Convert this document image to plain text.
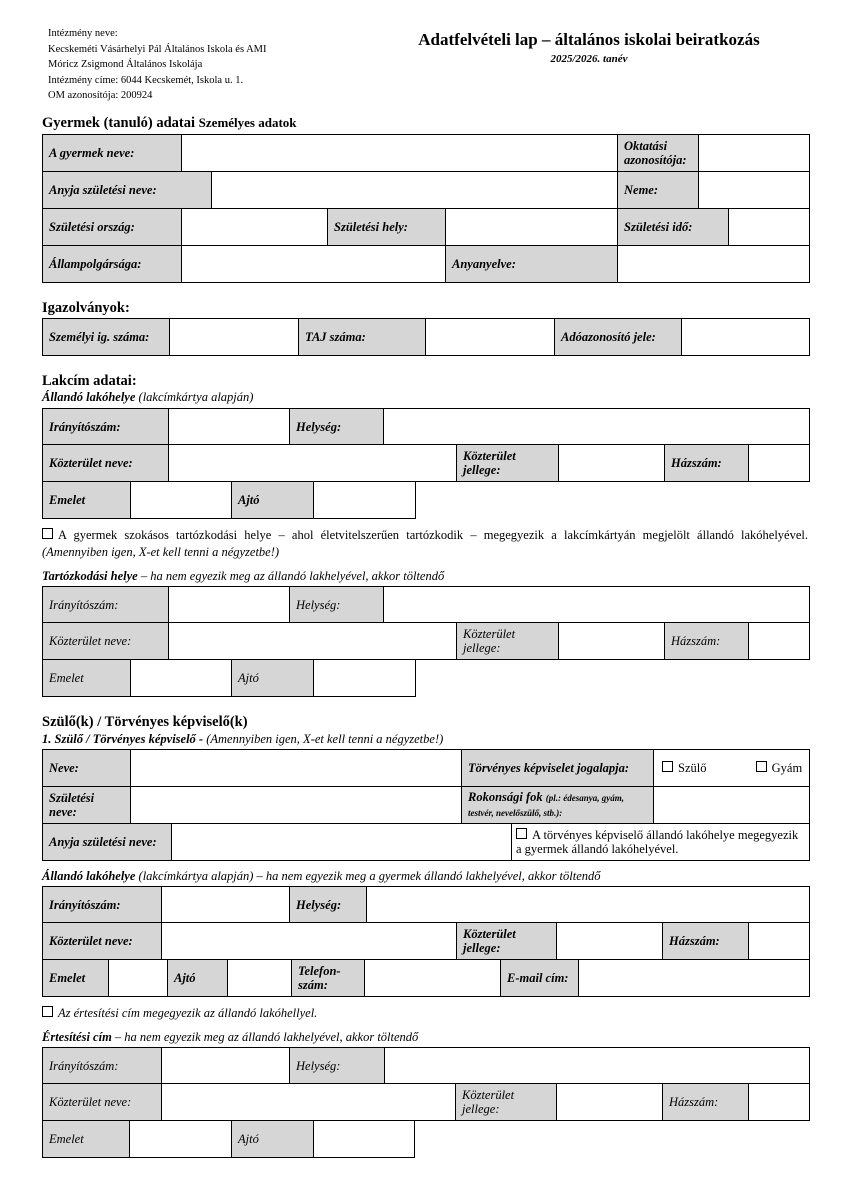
Intézmény neve:
Kecskeméti Vásárhelyi Pál Általános Iskola és AMI
Móricz Zsigmond Általános Iskolája
Intézmény címe: 6044 Kecskemét, Iskola u. 1.
OM azonosítója: 200924
Adatfelvételi lap – általános iskolai beiratkozás
2025/2026. tanév
Gyermek (tanuló) adatai Személyes adatok
A gyermek neve:					Oktatási azonosítója:		
Anyja születési neve:					Neme:		
Születési ország:			Születési hely:		Születési idő:		
Állampolgársága:				Anyanyelve:			
Igazolványok:
Személyi ig. száma:		TAJ száma:		Adóazonosító jele:	
Lakcím adatai:
Állandó lakóhelye (lakcímkártya alapján)
Irányítószám:		Helység:	
Közterület neve:		Közterület jellege:		Házszám:	
Emelet		Ajtó	
A gyermek szokásos tartózkodási helye – ahol életvitelszerűen tartózkodik – megegyezik a lakcímkártyán megjelölt állandó lakóhelyével. (Amennyiben igen, X-et kell tenni a négyzetbe!)
Tartózkodási helye – ha nem egyezik meg az állandó lakhelyével, akkor töltendő
Irányítószám:		Helység:	
Közterület neve:		Közterület jellege:		Házszám:	
Emelet		Ajtó	
Szülő(k) / Törvényes képviselő(k)
1. Szülő / Törvényes képviselő - (Amennyiben igen, X-et kell tenni a négyzetbe!)
Neve:			Törvényes képviselet jogalapja:		Szülő Gyám
Születési neve:			Rokonsági fok (pl.: édesanya, gyám, testvér, nevelőszülő, stb.):		
Anyja születési neve:				A törvényes képviselő állandó lakóhelye megegyezik a gyermek állandó lakóhelyével.	
Állandó lakóhelye (lakcímkártya alapján) – ha nem egyezik meg a gyermek állandó lakhelyével, akkor töltendő
Irányítószám:		Helység:	
Közterület neve:		Közterület jellege:		Házszám:	
Emelet		Ajtó		Telefon-szám:		E-mail cím:	
Az értesítési cím megegyezik az állandó lakóhellyel.
Értesítési cím – ha nem egyezik meg az állandó lakhelyével, akkor töltendő
Irányítószám:		Helység:	
Közterület neve:		Közterület jellege:		Házszám:	
Emelet		Ajtó	
